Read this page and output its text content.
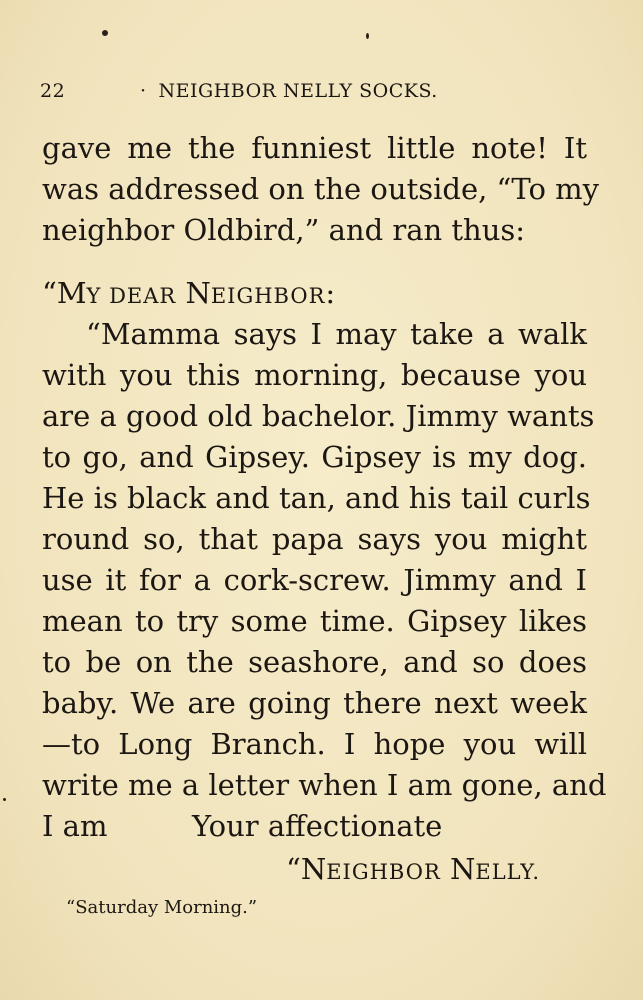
22	· NEIGHBOR NELLY SOCKS.
gave me the funniest little note! It
was addressed on the outside, “To my
neighbor Oldbird,” and ran thus:
“MY DEAR NEIGHBOR:
“Mamma says I may take a walk
with you this morning, because you
are a good old bachelor. Jimmy wants
to go, and Gipsey. Gipsey is my dog.
He is black and tan, and his tail curls
round so, that papa says you might
use it for a cork-screw. Jimmy and I
mean to try some time. Gipsey likes
to be on the seashore, and so does
baby. We are going there next week
—to Long Branch. I hope you will
write me a letter when I am gone, and
I am	Your affectionate
“NEIGHBOR NELLY.
“Saturday Morning.”
